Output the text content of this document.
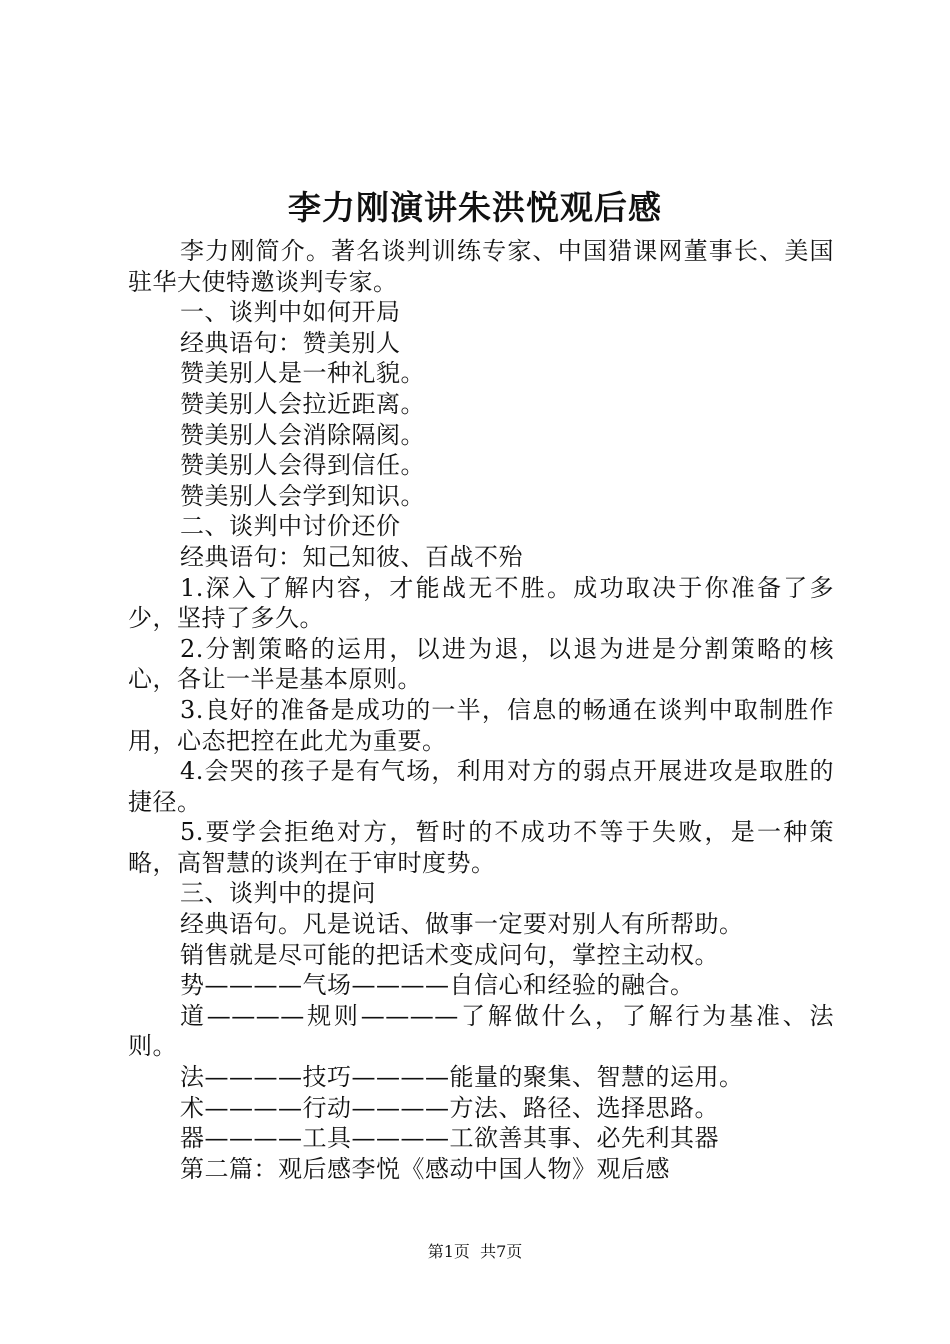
李力刚演讲朱洪悦观后感

李力刚简介。著名谈判训练专家、中国猎课网董事长、美国驻华大使特邀谈判专家。

一、谈判中如何开局

经典语句：赞美别人

赞美别人是一种礼貌。

赞美别人会拉近距离。

赞美别人会消除隔阂。

赞美别人会得到信任。

赞美别人会学到知识。

二、谈判中讨价还价

经典语句：知己知彼、百战不殆

1.深入了解内容，才能战无不胜。成功取决于你准备了多少，坚持了多久。

2.分割策略的运用，以进为退，以退为进是分割策略的核心，各让一半是基本原则。

3.良好的准备是成功的一半，信息的畅通在谈判中取制胜作用，心态把控在此尤为重要。

4.会哭的孩子是有气场，利用对方的弱点开展进攻是取胜的捷径。

5.要学会拒绝对方，暂时的不成功不等于失败，是一种策略，高智慧的谈判在于审时度势。

三、谈判中的提问

经典语句。凡是说话、做事一定要对别人有所帮助。

销售就是尽可能的把话术变成问句，掌控主动权。

势————气场————自信心和经验的融合。

道————规则————了解做什么，了解行为基准、法则。

法————技巧————能量的聚集、智慧的运用。

术————行动————方法、路径、选择思路。

器————工具————工欲善其事、必先利其器

第二篇：观后感李悦《感动中国人物》观后感

第1页  共7页
